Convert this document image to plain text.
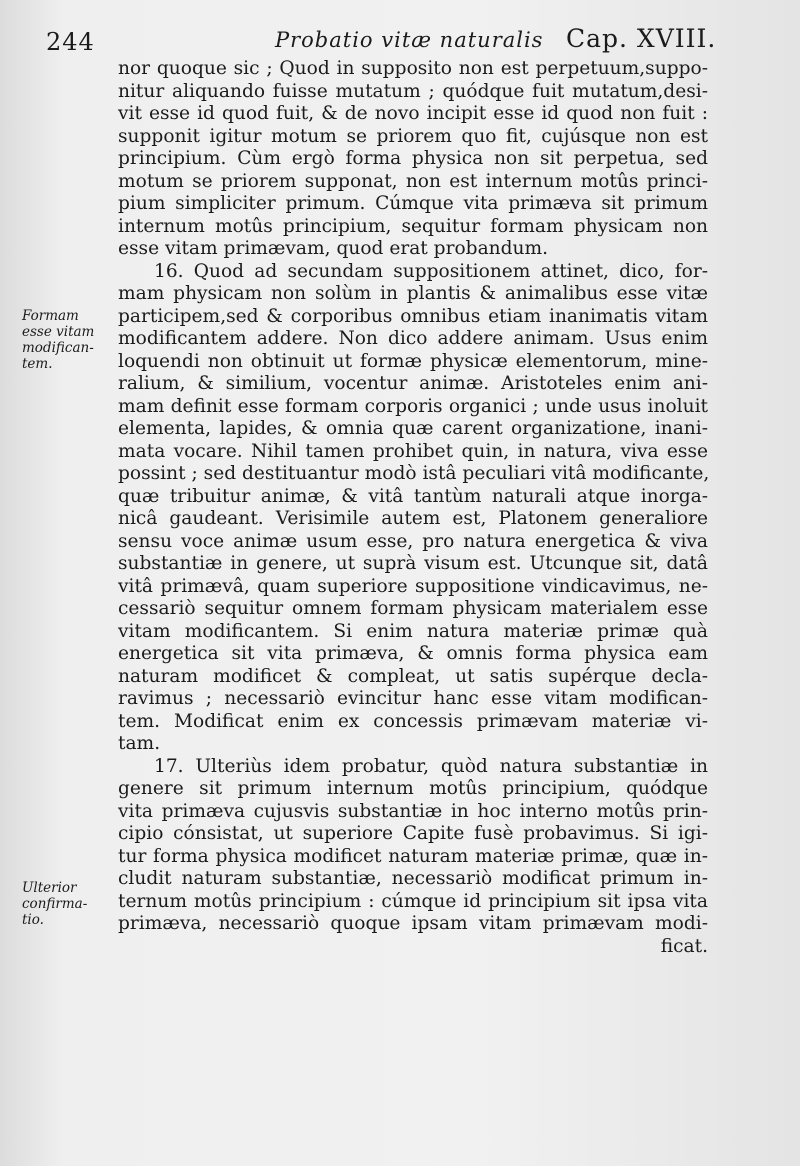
244	Probatio vitæ naturalis Cap. XVIII.
Formam
esse vitam
modifican-
tem.
Ulterior
confirma-
tio.
nor quoque sic ; Quod in supposito non est perpetuum,suppo-
nitur aliquando fuisse mutatum ; quódque fuit mutatum,desi-
vit esse id quod fuit, & de novo incipit esse id quod non fuit :
supponit igitur motum se priorem quo fit, cujúsque non est
principium. Cùm ergò forma physica non sit perpetua, sed
motum se priorem supponat, non est internum motûs princi-
pium simpliciter primum. Cúmque vita primæva sit primum
internum motûs principium, sequitur formam physicam non
esse vitam primævam, quod erat probandum.
16. Quod ad secundam suppositionem attinet, dico, for-
mam physicam non solùm in plantis & animalibus esse vitæ
participem,sed & corporibus omnibus etiam inanimatis vitam
modificantem addere. Non dico addere animam. Usus enim
loquendi non obtinuit ut formæ physicæ elementorum, mine-
ralium, & similium, vocentur animæ. Aristoteles enim ani-
mam definit esse formam corporis organici ; unde usus inoluit
elementa, lapides, & omnia quæ carent organizatione, inani-
mata vocare. Nihil tamen prohibet quin, in natura, viva esse
possint ; sed destituantur modò istâ peculiari vitâ modificante,
quæ tribuitur animæ, & vitâ tantùm naturali atque inorga-
nicâ gaudeant. Verisimile autem est, Platonem generaliore
sensu voce animæ usum esse, pro natura energetica & viva
substantiæ in genere, ut suprà visum est. Utcunque sit, datâ
vitâ primævâ, quam superiore suppositione vindicavimus, ne-
cessariò sequitur omnem formam physicam materialem esse
vitam modificantem. Si enim natura materiæ primæ quà
energetica sit vita primæva, & omnis forma physica eam
naturam modificet & compleat, ut satis supérque decla-
ravimus ; necessariò evincitur hanc esse vitam modifican-
tem. Modificat enim ex concessis primævam materiæ vi-
tam.
17. Ulteriùs idem probatur, quòd natura substantiæ in
genere sit primum internum motûs principium, quódque
vita primæva cujusvis substantiæ in hoc interno motûs prin-
cipio cónsistat, ut superiore Capite fusè probavimus. Si igi-
tur forma physica modificet naturam materiæ primæ, quæ in-
cludit naturam substantiæ, necessariò modificat primum in-
ternum motûs principium : cúmque id principium sit ipsa vita
primæva, necessariò quoque ipsam vitam primævam modi-
ficat.
